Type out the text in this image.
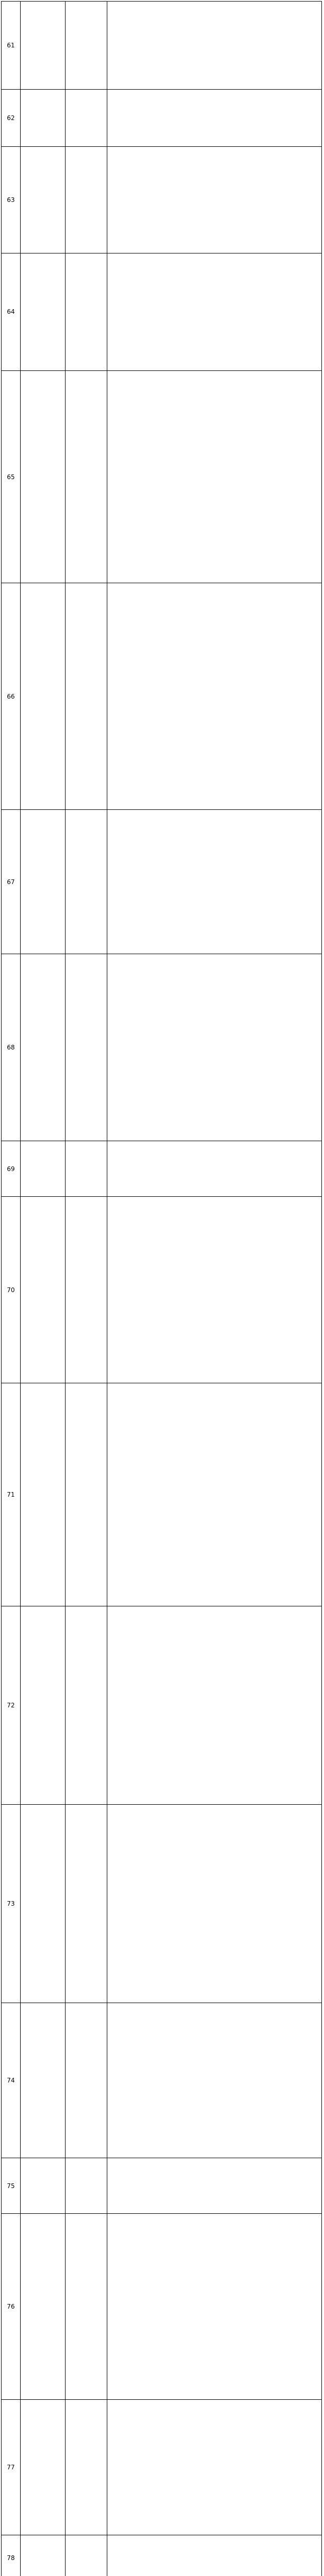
61			
62			
63			
64			
65			
66			
67			
68			
69			
70			
71			
72			
73			
74			
75			
76			
77			
78			
